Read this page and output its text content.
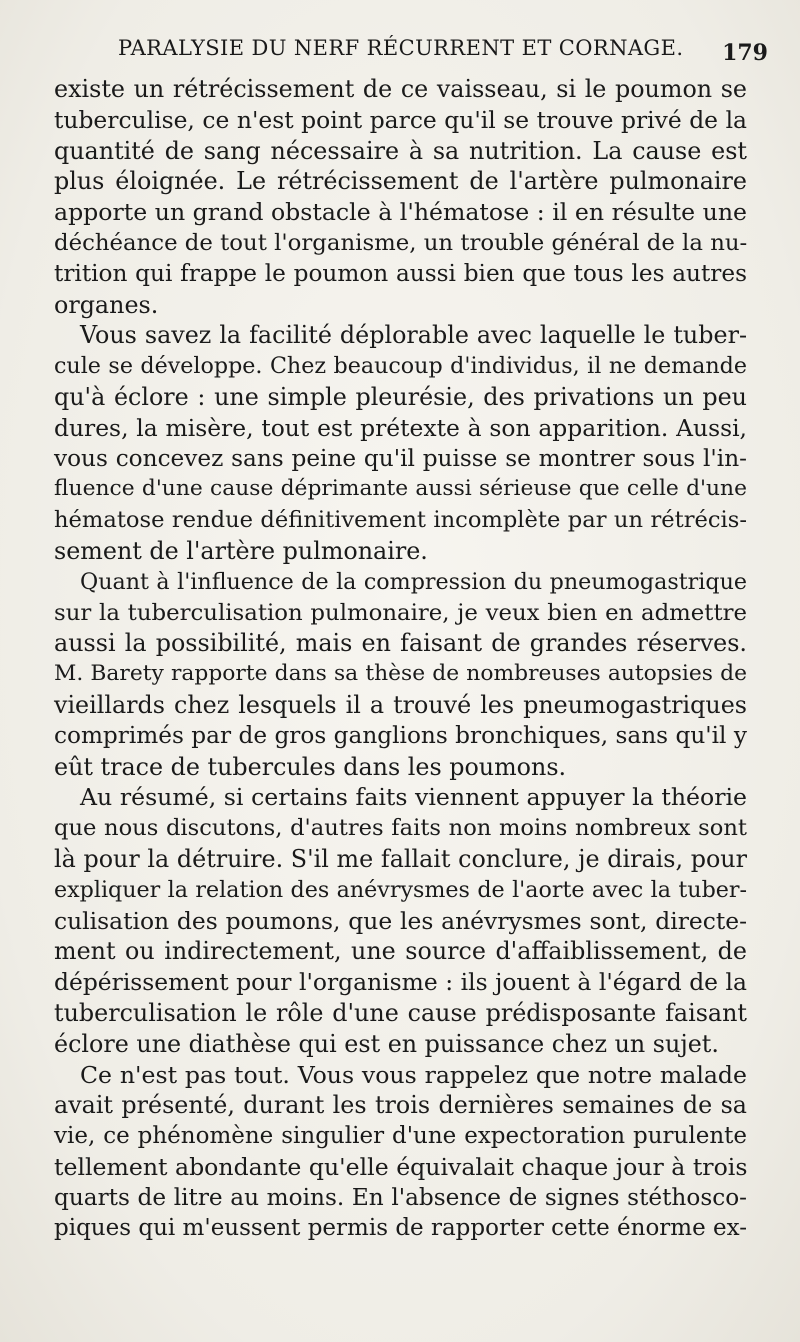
PARALYSIE DU NERF RÉCURRENT ET CORNAGE. 179
existe un rétrécissement de ce vaisseau, si le poumon se
tuberculise, ce n'est point parce qu'il se trouve privé de la
quantité de sang nécessaire à sa nutrition. La cause est
plus éloignée. Le rétrécissement de l'artère pulmonaire
apporte un grand obstacle à l'hématose : il en résulte une
déchéance de tout l'organisme, un trouble général de la nu-
trition qui frappe le poumon aussi bien que tous les autres
organes.
Vous savez la facilité déplorable avec laquelle le tuber-
cule se développe. Chez beaucoup d'individus, il ne demande
qu'à éclore : une simple pleurésie, des privations un peu
dures, la misère, tout est prétexte à son apparition. Aussi,
vous concevez sans peine qu'il puisse se montrer sous l'in-
fluence d'une cause déprimante aussi sérieuse que celle d'une
hématose rendue définitivement incomplète par un rétrécis-
sement de l'artère pulmonaire.
Quant à l'influence de la compression du pneumogastrique
sur la tuberculisation pulmonaire, je veux bien en admettre
aussi la possibilité, mais en faisant de grandes réserves.
M. Barety rapporte dans sa thèse de nombreuses autopsies de
vieillards chez lesquels il a trouvé les pneumogastriques
comprimés par de gros ganglions bronchiques, sans qu'il y
eût trace de tubercules dans les poumons.
Au résumé, si certains faits viennent appuyer la théorie
que nous discutons, d'autres faits non moins nombreux sont
là pour la détruire. S'il me fallait conclure, je dirais, pour
expliquer la relation des anévrysmes de l'aorte avec la tuber-
culisation des poumons, que les anévrysmes sont, directe-
ment ou indirectement, une source d'affaiblissement, de
dépérissement pour l'organisme : ils jouent à l'égard de la
tuberculisation le rôle d'une cause prédisposante faisant
éclore une diathèse qui est en puissance chez un sujet.
Ce n'est pas tout. Vous vous rappelez que notre malade
avait présenté, durant les trois dernières semaines de sa
vie, ce phénomène singulier d'une expectoration purulente
tellement abondante qu'elle équivalait chaque jour à trois
quarts de litre au moins. En l'absence de signes stéthosco-
piques qui m'eussent permis de rapporter cette énorme ex-
